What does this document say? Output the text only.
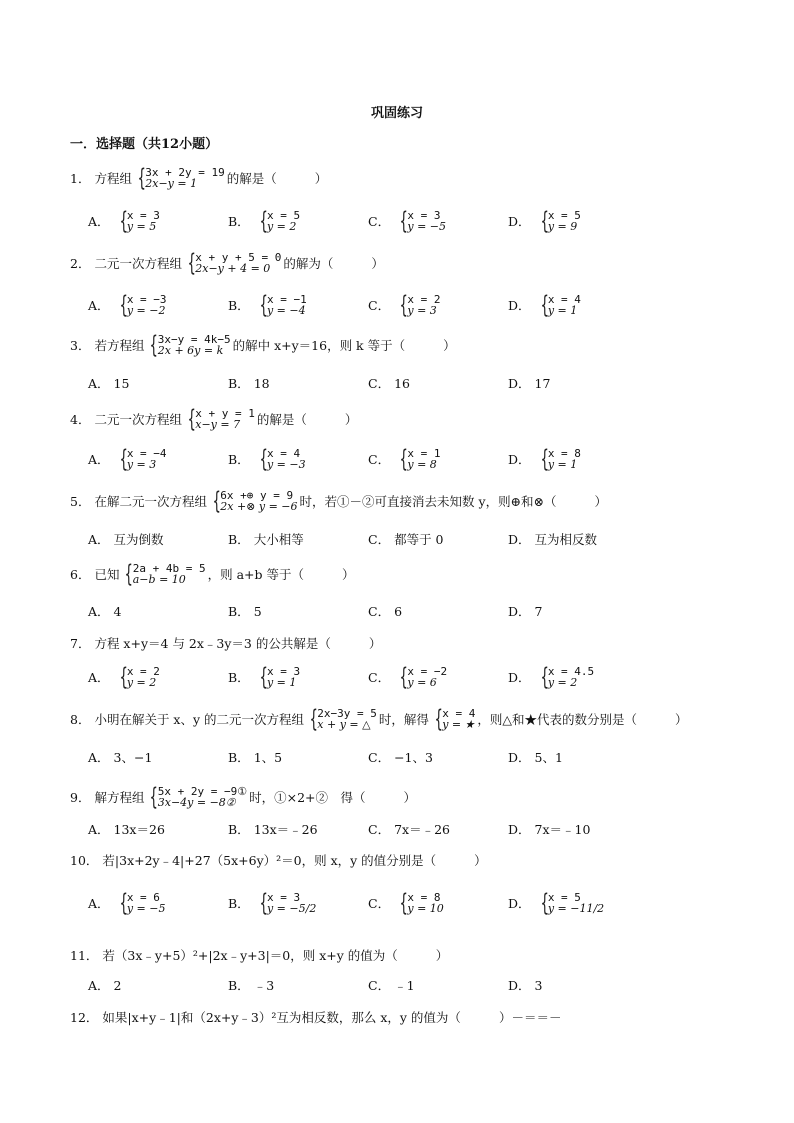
巩固练习
一．选择题（共12小题）
1． 方程组 { 3x + 2y = 19
2x−y = 1	的解是（	）
A． { x = 3
y = 5	B． { x = 5
y = 2	C． { x = 3
y = −5	D． { x = 5
y = 9
2． 二元一次方程组 { x + y + 5 = 0
2x−y + 4 = 0	的解为（	）
A． { x = −3
y = −2	B． { x = −1
y = −4	C． { x = 2
y = 3	D． { x = 4
y = 1
3． 若方程组 { 3x−y = 4k−5
2x + 6y = k 的解中 x+y＝16，则 k 等于（	）
A． 15	B． 18	C． 16	D． 17
4． 二元一次方程组 { x + y = 1
x−y = 7	的解是（	）
A． { x = −4
y = 3	B． { x = 4
y = −3	C． { x = 1
y = 8	D． { x = 8
y = 1
5． 在解二元一次方程组 { 6x +⊕ y = 9
2x +⊗ y = −6 时，若①－②可直接消去未知数 y，则⊕和⊗（	）
A． 互为倒数	B． 大小相等	C． 都等于 0	D． 互为相反数
6． 已知 { 2a + 4b = 5
a−b = 10	，则 a+b 等于（	）
A． 4	B． 5	C． 6	D． 7
7． 方程 x+y＝4 与 2x﹣3y＝3 的公共解是（	）
A． { x = 2
y = 2	B． { x = 3
y = 1	C． { x = −2
y = 6	D． { x = 4.5
y = 2
8． 小明在解关于 x、y 的二元一次方程组 { 2x−3y = 5
x + y = △ 时，解得 { x = 4
y = ★ ，则△和★代表的数分别是（	）
A． 3、−1	B． 1、5	C． −1、3	D． 5、1
9． 解方程组 { 5x + 2y = −9①
3x−4y = −8②	时，①×2+②　得（	）
A． 13x＝26	B． 13x＝﹣26	C． 7x＝﹣26	D． 7x＝﹣10
10． 若|3x+2y﹣4|+27（5x+6y）²＝0，则 x，y 的值分别是（	）
A． { x = 6
y = −5	B． { x = 3
y = −5/2	C． { x = 8
y = 10	D． { x = 5
y = −11/2
11． 若（3x﹣y+5）²+|2x﹣y+3|＝0，则 x+y 的值为（	）
A． 2	B． ﹣3	C． ﹣1	D． 3
12． 如果|x+y﹣1|和（2x+y﹣3）²互为相反数，那么 x，y 的值为（	）－＝＝－
